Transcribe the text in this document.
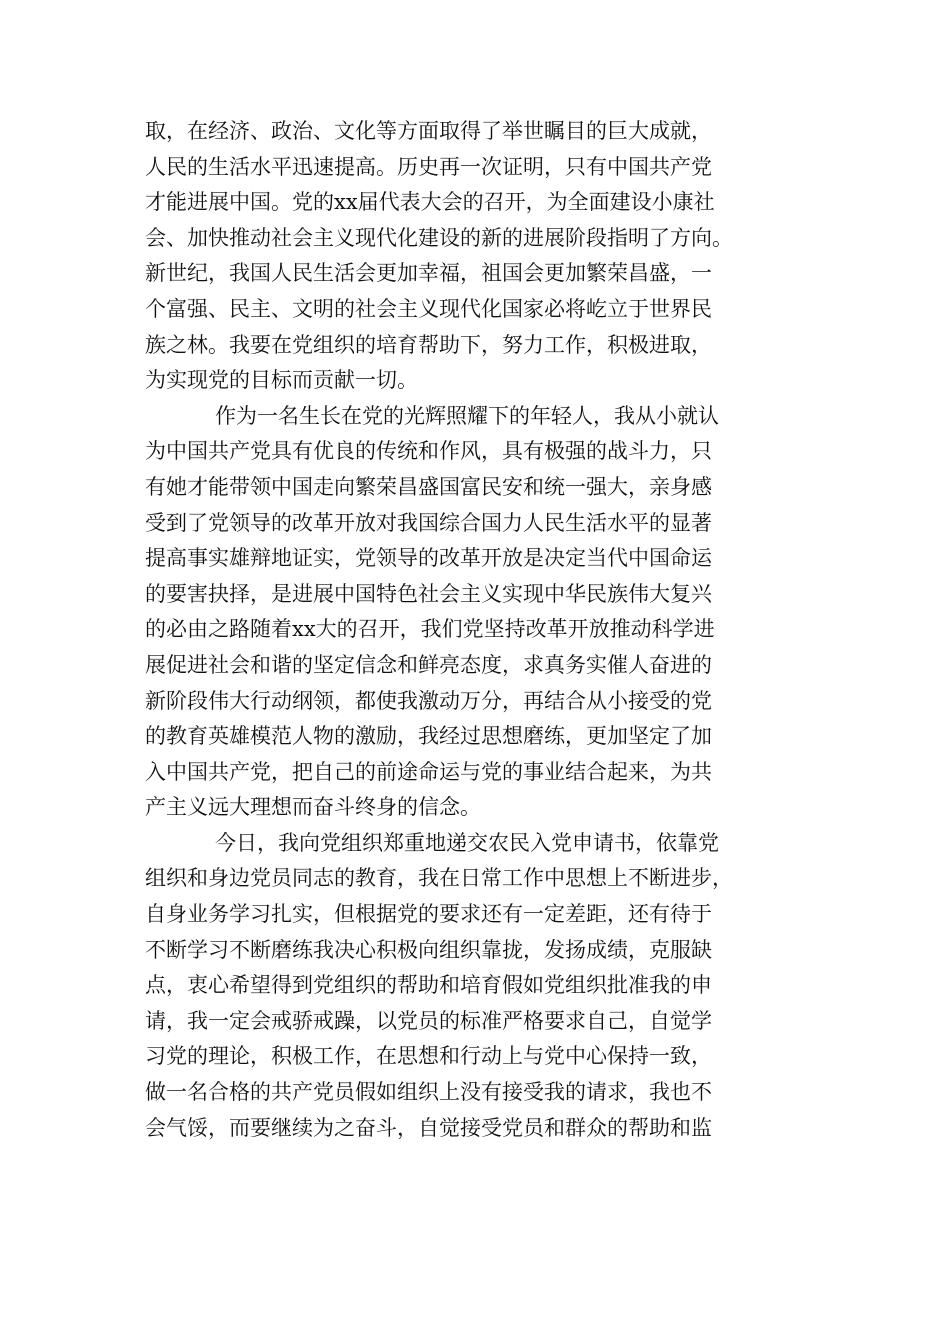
取，在经济、政治、文化等方面取得了举世瞩目的巨大成就，
人民的生活水平迅速提高。历史再一次证明，只有中国共产党
才能进展中国。党的xx届代表大会的召开，为全面建设小康社
会、加快推动社会主义现代化建设的新的进展阶段指明了方向。
新世纪，我国人民生活会更加幸福，祖国会更加繁荣昌盛，一
个富强、民主、文明的社会主义现代化国家必将屹立于世界民
族之林。我要在党组织的培育帮助下，努力工作，积极进取，
为实现党的目标而贡献一切。
作为一名生长在党的光辉照耀下的年轻人，我从小就认
为中国共产党具有优良的传统和作风，具有极强的战斗力，只
有她才能带领中国走向繁荣昌盛国富民安和统一强大，亲身感
受到了党领导的改革开放对我国综合国力人民生活水平的显著
提高事实雄辩地证实，党领导的改革开放是决定当代中国命运
的要害抉择，是进展中国特色社会主义实现中华民族伟大复兴
的必由之路随着xx大的召开，我们党坚持改革开放推动科学进
展促进社会和谐的坚定信念和鲜亮态度，求真务实催人奋进的
新阶段伟大行动纲领，都使我激动万分，再结合从小接受的党
的教育英雄模范人物的激励，我经过思想磨练，更加坚定了加
入中国共产党，把自己的前途命运与党的事业结合起来，为共
产主义远大理想而奋斗终身的信念。
今日，我向党组织郑重地递交农民入党申请书，依靠党
组织和身边党员同志的教育，我在日常工作中思想上不断进步，
自身业务学习扎实，但根据党的要求还有一定差距，还有待于
不断学习不断磨练我决心积极向组织靠拢，发扬成绩，克服缺
点，衷心希望得到党组织的帮助和培育假如党组织批准我的申
请，我一定会戒骄戒躁，以党员的标准严格要求自己，自觉学
习党的理论，积极工作，在思想和行动上与党中心保持一致，
做一名合格的共产党员假如组织上没有接受我的请求，我也不
会气馁，而要继续为之奋斗，自觉接受党员和群众的帮助和监
